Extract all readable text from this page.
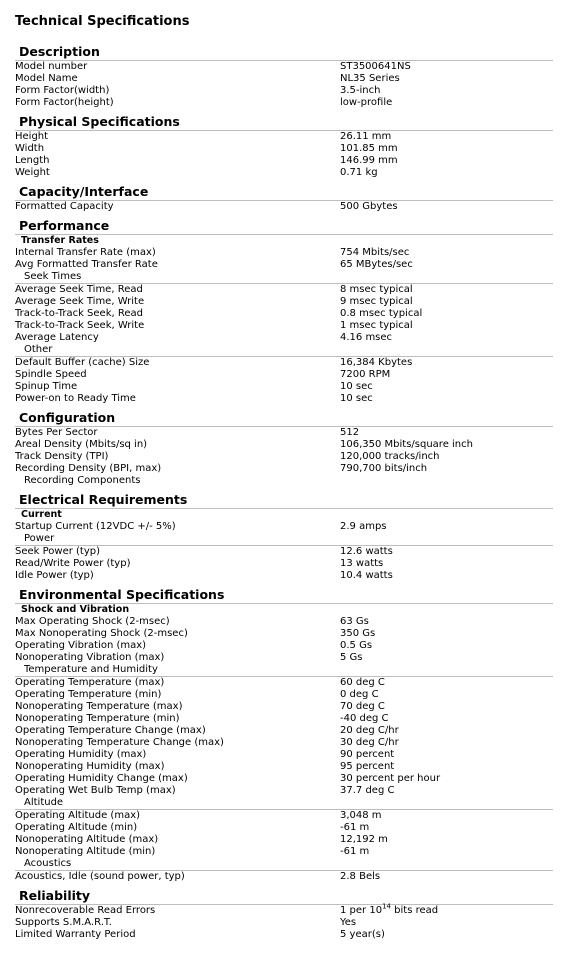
Technical Specifications
Description
Model number	ST3500641NS
Model Name	NL35 Series
Form Factor(width)	3.5-inch
Form Factor(height)	low-profile
Physical Specifications
Height	26.11 mm
Width	101.85 mm
Length	146.99 mm
Weight	0.71 kg
Capacity/Interface
Formatted Capacity	500 Gbytes
Performance
Transfer Rates
Internal Transfer Rate (max)	754 Mbits/sec
Avg Formatted Transfer Rate	65 MBytes/sec
Seek Times
Average Seek Time, Read	8 msec typical
Average Seek Time, Write	9 msec typical
Track-to-Track Seek, Read	0.8 msec typical
Track-to-Track Seek, Write	1 msec typical
Average Latency	4.16 msec
Other
Default Buffer (cache) Size	16,384 Kbytes
Spindle Speed	7200 RPM
Spinup Time	10 sec
Power-on to Ready Time	10 sec
Configuration
Bytes Per Sector	512
Areal Density (Mbits/sq in)	106,350 Mbits/square inch
Track Density (TPI)	120,000 tracks/inch
Recording Density (BPI, max)	790,700 bits/inch
Recording Components
Electrical Requirements
Current
Startup Current (12VDC +/- 5%)	2.9 amps
Power
Seek Power (typ)	12.6 watts
Read/Write Power (typ)	13 watts
Idle Power (typ)	10.4 watts
Environmental Specifications
Shock and Vibration
Max Operating Shock (2-msec)	63 Gs
Max Nonoperating Shock (2-msec)	350 Gs
Operating Vibration (max)	0.5 Gs
Nonoperating Vibration (max)	5 Gs
Temperature and Humidity
Operating Temperature (max)	60 deg C
Operating Temperature (min)	0 deg C
Nonoperating Temperature (max)	70 deg C
Nonoperating Temperature (min)	-40 deg C
Operating Temperature Change (max)	20 deg C/hr
Nonoperating Temperature Change (max)	30 deg C/hr
Operating Humidity (max)	90 percent
Nonoperating Humidity (max)	95 percent
Operating Humidity Change (max)	30 percent per hour
Operating Wet Bulb Temp (max)	37.7 deg C
Altitude
Operating Altitude (max)	3,048 m
Operating Altitude (min)	-61 m
Nonoperating Altitude (max)	12,192 m
Nonoperating Altitude (min)	-61 m
Acoustics
Acoustics, Idle (sound power, typ)	2.8 Bels
Reliability
Nonrecoverable Read Errors	1 per $10^{14}$ bits read
Supports S.M.A.R.T.	Yes
Limited Warranty Period	5 year(s)
